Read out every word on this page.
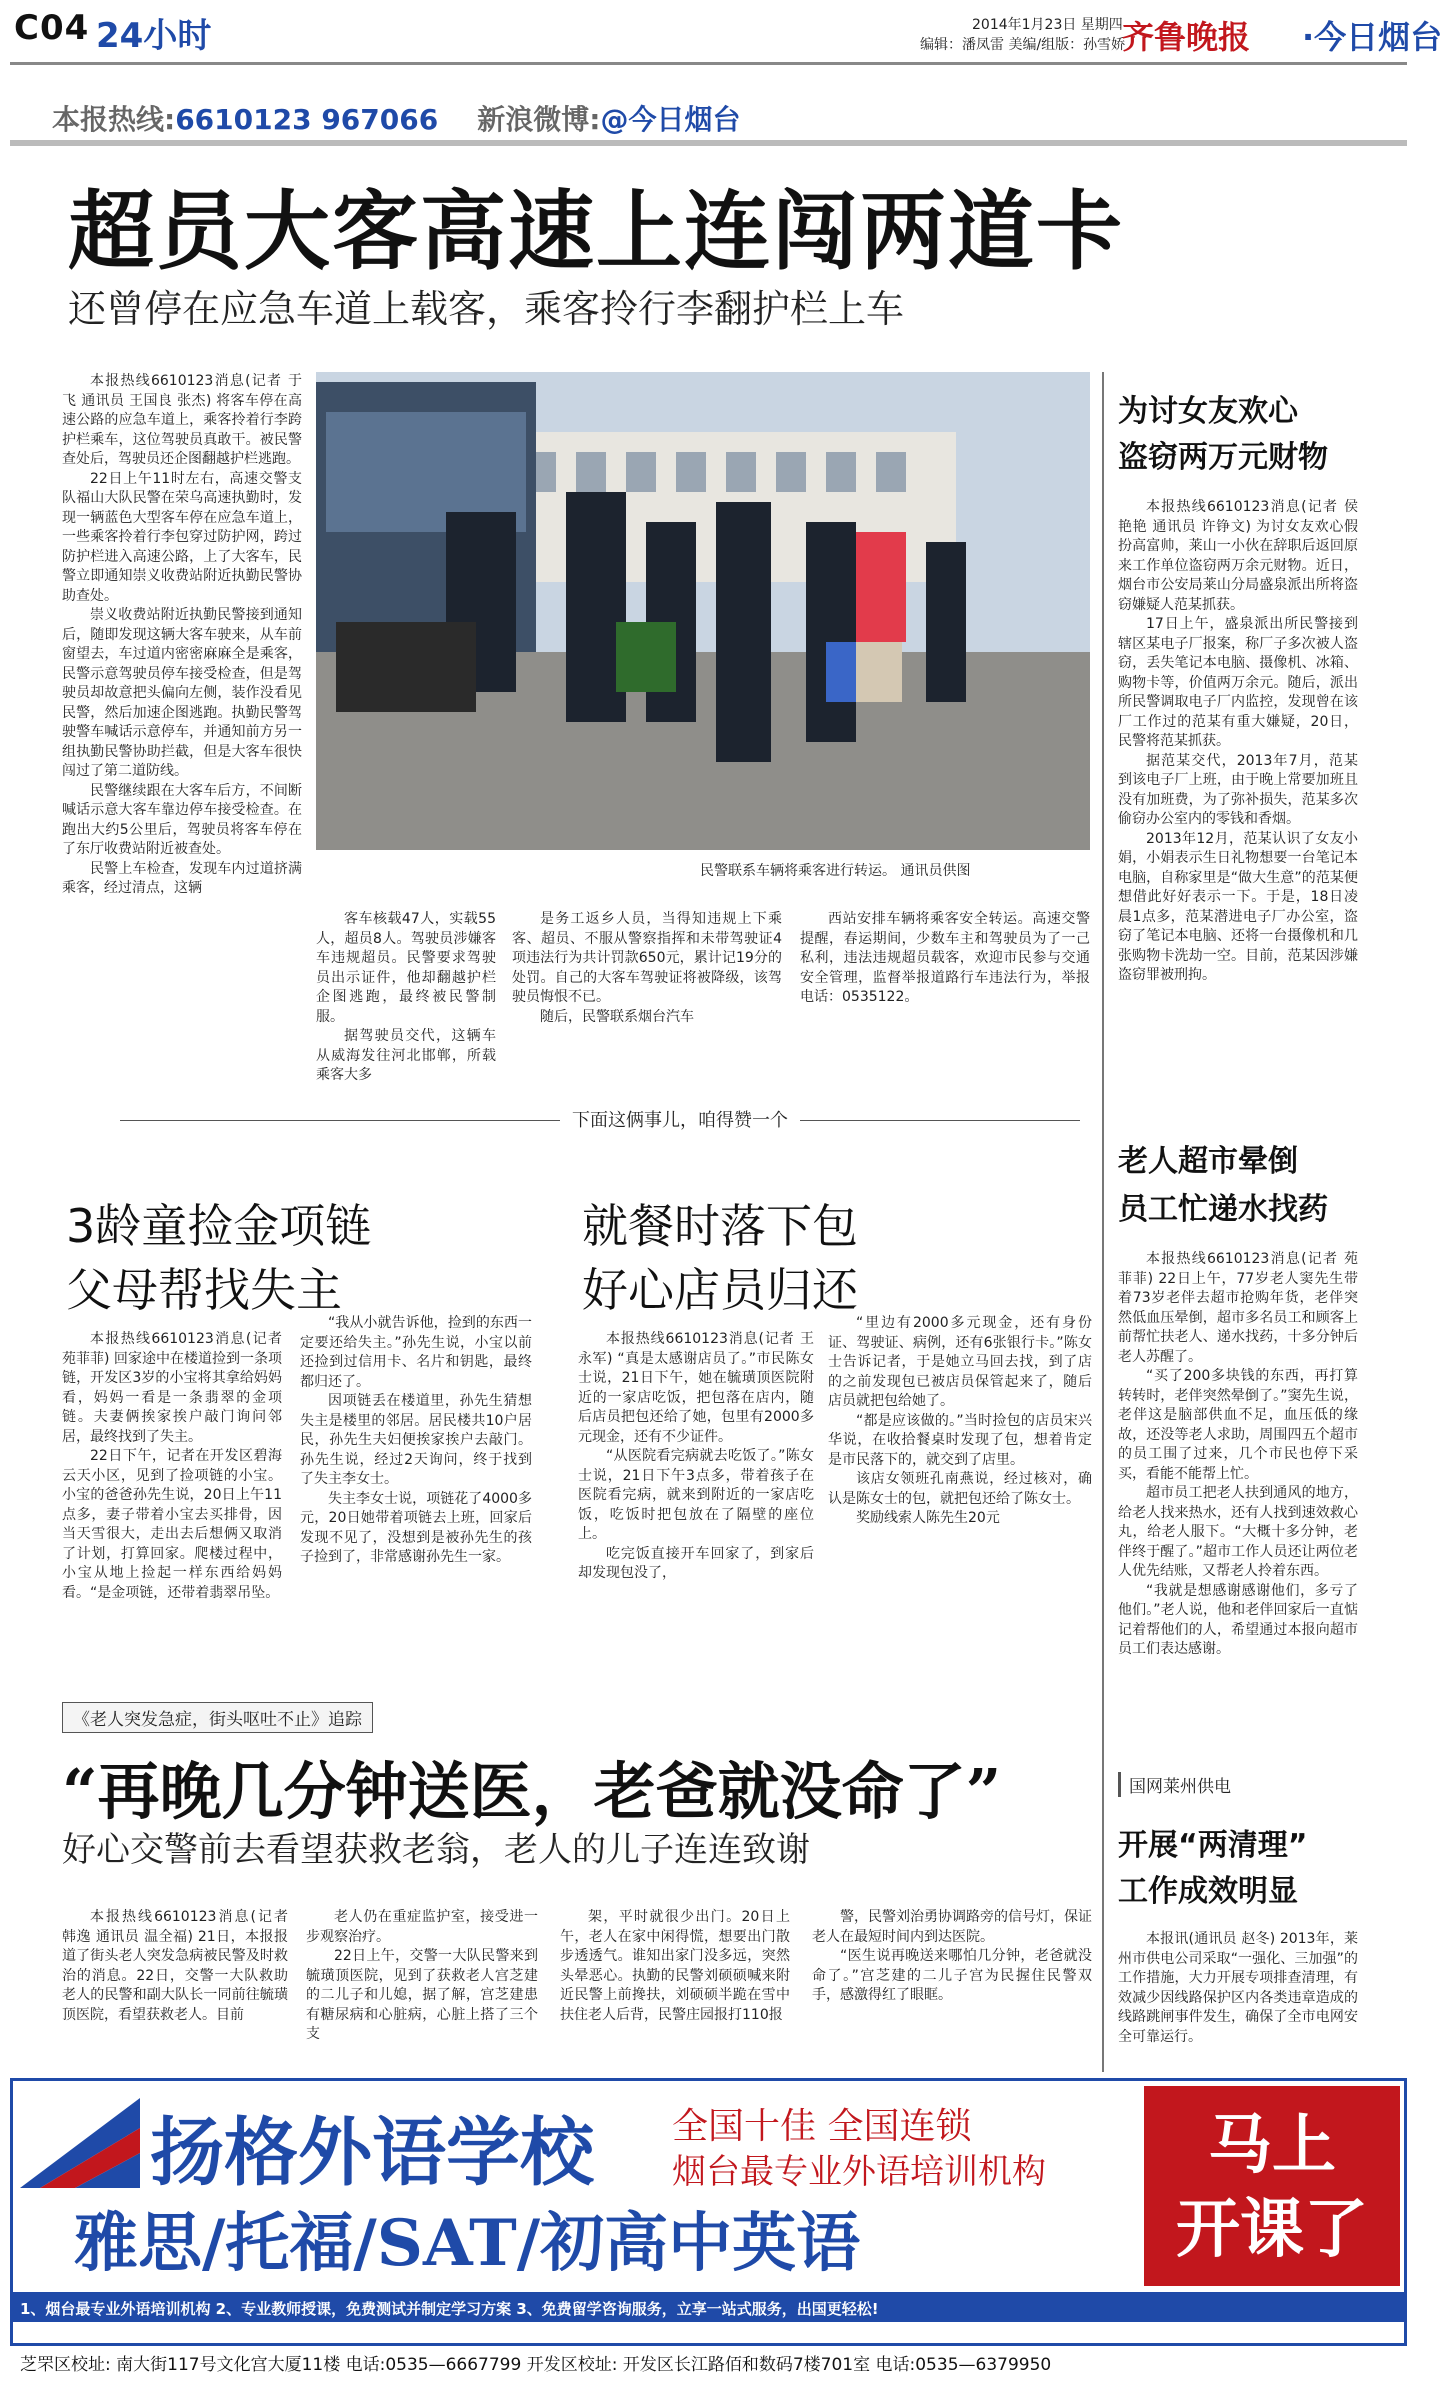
C04 24小时	2014年1月23日 星期四
编辑：潘凤雷 美编/组版：孙雪娇
齐鲁晚报 ·今日烟台
本报热线:6610123 967066 新浪微博:@今日烟台
超员大客高速上连闯两道卡
还曾停在应急车道上载客，乘客拎行李翻护栏上车

本报热线6610123消息(记者 于飞 通讯员 王国良 张杰) 将客车停在高速公路的应急车道上，乘客拎着行李跨护栏乘车，这位驾驶员真敢干。被民警查处后，驾驶员还企图翻越护栏逃跑。

22日上午11时左右，高速交警支队福山大队民警在荣乌高速执勤时，发现一辆蓝色大型客车停在应急车道上，一些乘客拎着行李包穿过防护网，跨过防护栏进入高速公路，上了大客车，民警立即通知崇义收费站附近执勤民警协助查处。

崇义收费站附近执勤民警接到通知后，随即发现这辆大客车驶来，从车前窗望去，车过道内密密麻麻全是乘客，民警示意驾驶员停车接受检查，但是驾驶员却故意把头偏向左侧，装作没看见民警，然后加速企图逃跑。执勤民警驾驶警车喊话示意停车，并通知前方另一组执勤民警协助拦截，但是大客车很快闯过了第二道防线。

民警继续跟在大客车后方，不间断喊话示意大客车靠边停车接受检查。在跑出大约5公里后，驾驶员将客车停在了东厅收费站附近被查处。

民警上车检查，发现车内过道挤满乘客，经过清点，这辆

民警联系车辆将乘客进行转运。 通讯员供图

客车核载47人，实载55人，超员8人。驾驶员涉嫌客车违规超员。民警要求驾驶员出示证件，他却翻越护栏企图逃跑，最终被民警制服。

据驾驶员交代，这辆车从威海发往河北邯郸，所载乘客大多

是务工返乡人员，当得知违规上下乘客、超员、不服从警察指挥和未带驾驶证4项违法行为共计罚款650元，累计记19分的处罚。自己的大客车驾驶证将被降级，该驾驶员悔恨不已。

随后，民警联系烟台汽车

西站安排车辆将乘客安全转运。高速交警提醒，春运期间，少数车主和驾驶员为了一己私利，违法违规超员载客，欢迎市民参与交通安全管理，监督举报道路行车违法行为，举报电话：0535122。

为讨女友欢心
盗窃两万元财物

本报热线6610123消息(记者 侯艳艳 通讯员 许铮文) 为讨女友欢心假扮高富帅，莱山一小伙在辞职后返回原来工作单位盗窃两万余元财物。近日，烟台市公安局莱山分局盛泉派出所将盗窃嫌疑人范某抓获。

17日上午，盛泉派出所民警接到辖区某电子厂报案，称厂子多次被人盗窃，丢失笔记本电脑、摄像机、冰箱、购物卡等，价值两万余元。随后，派出所民警调取电子厂内监控，发现曾在该厂工作过的范某有重大嫌疑，20日，民警将范某抓获。

据范某交代，2013年7月，范某到该电子厂上班，由于晚上常要加班且没有加班费，为了弥补损失，范某多次偷窃办公室内的零钱和香烟。

2013年12月，范某认识了女友小娟，小娟表示生日礼物想要一台笔记本电脑，自称家里是“做大生意”的范某便想借此好好表示一下。于是，18日凌晨1点多，范某潜进电子厂办公室，盗窃了笔记本电脑、还将一台摄像机和几张购物卡洗劫一空。目前，范某因涉嫌盗窃罪被刑拘。

下面这俩事儿，咱得赞一个
3龄童捡金项链
父母帮找失主

本报热线6610123消息(记者 苑菲菲) 回家途中在楼道捡到一条项链，开发区3岁的小宝将其拿给妈妈看，妈妈一看是一条翡翠的金项链。夫妻俩挨家挨户敲门询问邻居，最终找到了失主。

22日下午，记者在开发区碧海云天小区，见到了捡项链的小宝。小宝的爸爸孙先生说，20日上午11点多，妻子带着小宝去买排骨，因当天雪很大，走出去后想俩又取消了计划，打算回家。爬楼过程中，小宝从地上捡起一样东西给妈妈看。“是金项链，还带着翡翠吊坠。

“我从小就告诉他，捡到的东西一定要还给失主。”孙先生说，小宝以前还捡到过信用卡、名片和钥匙，最终都归还了。

因项链丢在楼道里，孙先生猜想失主是楼里的邻居。居民楼共10户居民，孙先生夫妇便挨家挨户去敲门。孙先生说，经过2天询问，终于找到了失主李女士。

失主李女士说，项链花了4000多元，20日她带着项链去上班，回家后发现不见了，没想到是被孙先生的孩子捡到了，非常感谢孙先生一家。

就餐时落下包
好心店员归还

本报热线6610123消息(记者 王永军) “真是太感谢店员了。”市民陈女士说，21日下午，她在毓璜顶医院附近的一家店吃饭，把包落在店内，随后店员把包还给了她，包里有2000多元现金，还有不少证件。

“从医院看完病就去吃饭了。”陈女士说，21日下午3点多，带着孩子在医院看完病，就来到附近的一家店吃饭，吃饭时把包放在了隔壁的座位上。

吃完饭直接开车回家了，到家后却发现包没了，

“里边有2000多元现金，还有身份证、驾驶证、病例，还有6张银行卡。”陈女士告诉记者，于是她立马回去找，到了店的之前发现包已被店员保管起来了，随后店员就把包给她了。

“都是应该做的。”当时捡包的店员宋兴华说，在收拾餐桌时发现了包，想着肯定是市民落下的，就交到了店里。

该店女领班孔南燕说，经过核对，确认是陈女士的包，就把包还给了陈女士。

奖励线索人陈先生20元

老人超市晕倒
员工忙递水找药

本报热线6610123消息(记者 苑菲菲) 22日上午，77岁老人窦先生带着73岁老伴去超市抢购年货，老伴突然低血压晕倒，超市多名员工和顾客上前帮忙扶老人、递水找药，十多分钟后老人苏醒了。

“买了200多块钱的东西，再打算转转时，老伴突然晕倒了。”窦先生说，老伴这是脑部供血不足，血压低的缘故，还没等老人求助，周围四五个超市的员工围了过来，几个市民也停下采买，看能不能帮上忙。

超市员工把老人扶到通风的地方，给老人找来热水，还有人找到速效救心丸，给老人服下。“大概十多分钟，老伴终于醒了。”超市工作人员还让两位老人优先结账，又帮老人拎着东西。

“我就是想感谢感谢他们，多亏了他们。”老人说，他和老伴回家后一直惦记着帮他们的人，希望通过本报向超市员工们表达感谢。

《老人突发急症，街头呕吐不止》追踪
“再晚几分钟送医，老爸就没命了”
好心交警前去看望获救老翁，老人的儿子连连致谢

本报热线6610123消息(记者 韩逸 通讯员 温全福) 21日，本报报道了街头老人突发急病被民警及时救治的消息。22日，交警一大队救助老人的民警和副大队长一同前往毓璜顶医院，看望获救老人。目前

老人仍在重症监护室，接受进一步观察治疗。

22日上午，交警一大队民警来到毓璜顶医院，见到了获救老人宫芝建的二儿子和儿媳，据了解，宫芝建患有糖尿病和心脏病，心脏上搭了三个支

架，平时就很少出门。20日上午，老人在家中闲得慌，想要出门散步透透气。谁知出家门没多远，突然头晕恶心。执勤的民警刘硕硕喊来附近民警上前搀扶，刘硕硕半跪在雪中扶住老人后背，民警庄园报打110报

警，民警刘治勇协调路旁的信号灯，保证老人在最短时间内到达医院。

“医生说再晚送来哪怕几分钟，老爸就没命了。”宫芝建的二儿子宫为民握住民警双手，感激得红了眼眶。

国网莱州供电
开展“两清理”
工作成效明显

本报讯(通讯员 赵冬) 2013年，莱州市供电公司采取“一强化、三加强”的工作措施，大力开展专项排查清理，有效减少因线路保护区内各类违章造成的线路跳闸事件发生，确保了全市电网安全可靠运行。

扬格外语学校 全国十佳 全国连锁
烟台最专业外语培训机构
雅思/托福/SAT/初高中英语
马上
开课了
1、烟台最专业外语培训机构 2、专业教师授课，免费测试并制定学习方案 3、免费留学咨询服务，立享一站式服务，出国更轻松!
芝罘区校址: 南大街117号文化宫大厦11楼 电话:0535—6667799 开发区校址: 开发区长江路佰和数码7楼701室 电话:0535—6379950
